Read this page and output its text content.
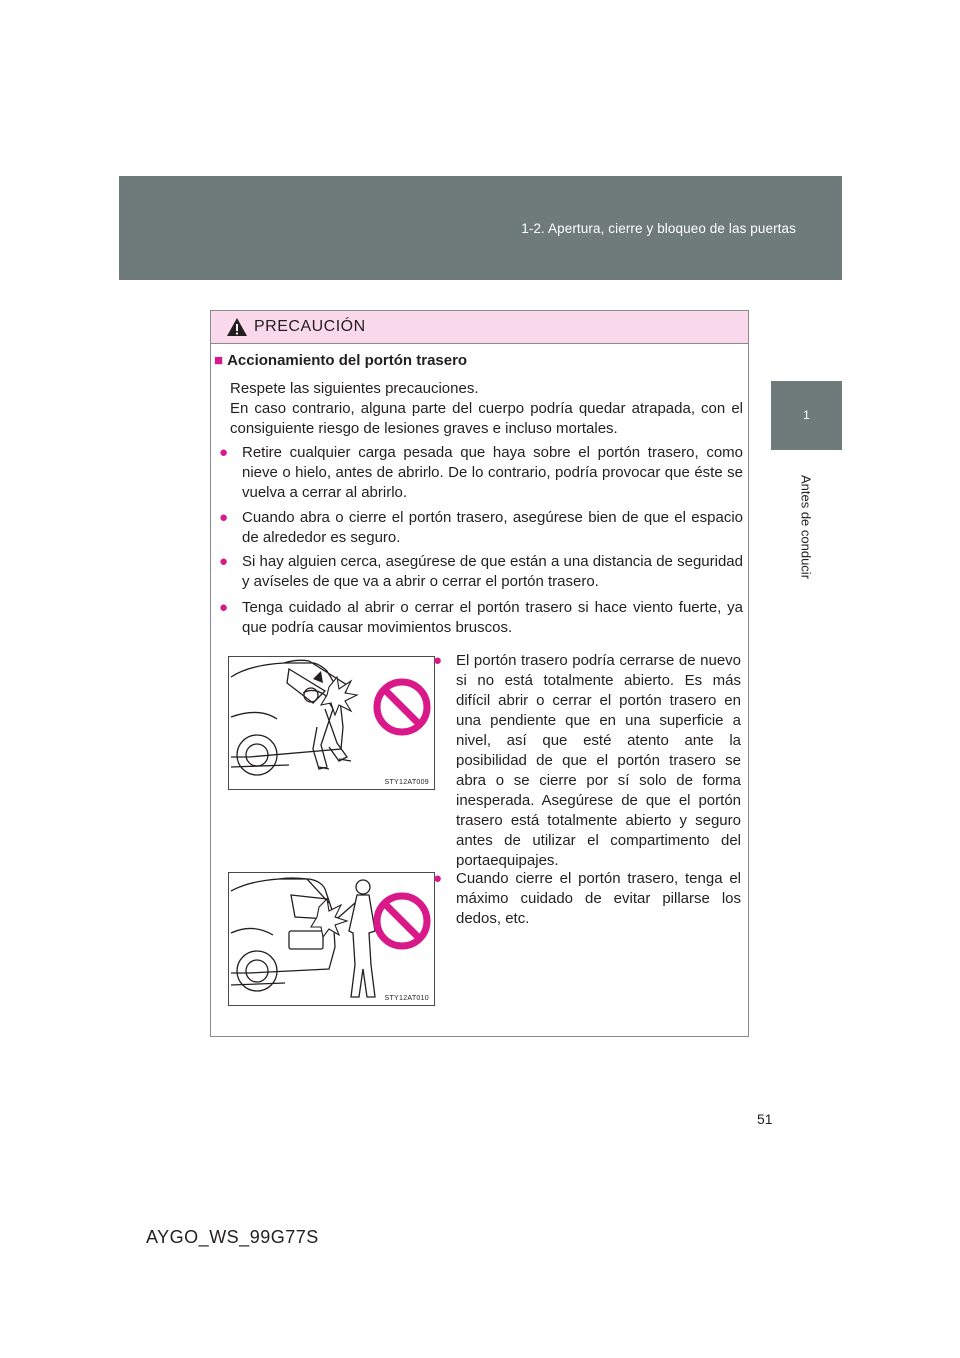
1-2. Apertura, cierre y bloqueo de las puertas
1
Antes de conducir
PRECAUCIÓN
■ Accionamiento del portón trasero
Respete las siguientes precauciones.
En caso contrario, alguna parte del cuerpo podría quedar atrapada, con el consiguiente riesgo de lesiones graves e incluso mortales.
● Retire cualquier carga pesada que haya sobre el portón trasero, como nieve o hielo, antes de abrirlo. De lo contrario, podría provocar que éste se vuelva a cerrar al abrirlo.
● Cuando abra o cierre el portón trasero, asegúrese bien de que el espacio de alrededor es seguro.
● Si hay alguien cerca, asegúrese de que están a una distancia de seguridad y avíseles de que va a abrir o cerrar el portón trasero.
● Tenga cuidado al abrir o cerrar el portón trasero si hace viento fuerte, ya que podría causar movimientos bruscos.
STY12AT009
STY12AT010
● El portón trasero podría cerrarse de nuevo si no está totalmente abierto. Es más difícil abrir o cerrar el portón trasero en una pendiente que en una superficie a nivel, así que esté atento ante la posibilidad de que el portón trasero se abra o se cierre por sí solo de forma inesperada. Asegúrese de que el portón trasero está totalmente abierto y seguro antes de utilizar el compartimento del portaequipajes.
● Cuando cierre el portón trasero, tenga el máximo cuidado de evitar pillarse los dedos, etc.
51
AYGO_WS_99G77S
